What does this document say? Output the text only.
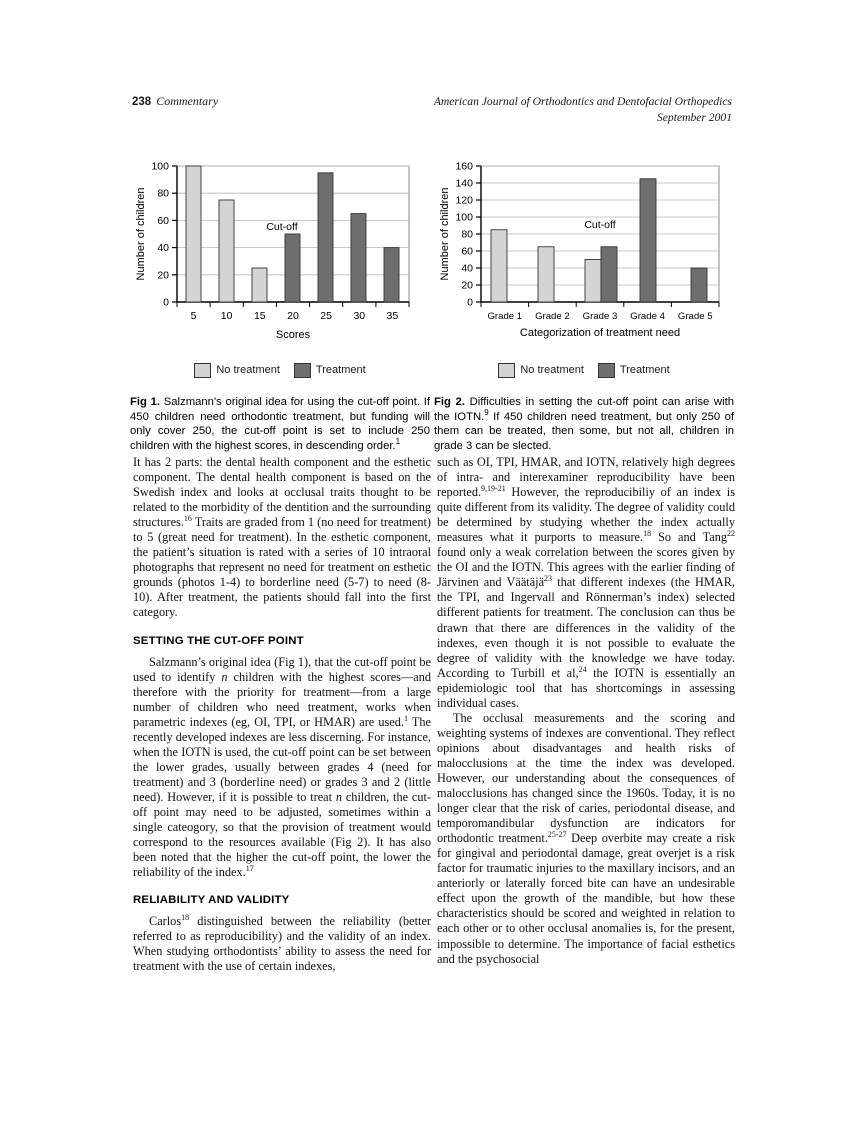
238 Commentary	American Journal of Orthodontics and Dentofacial Orthopedics
September 2001
0
20
40
60
80
100
Number of children	Cut-off
5 10 15 20 25 30 35
Scores
No treatment	Treatment
Fig 1. Salzmann's original idea for using the cut-off point. If 450 children need orthodontic treatment, but funding will only cover 250, the cut-off point is set to include 250 children with the highest scores, in descending order.$^1$
0
20
40
60
80
100
120
140
160
Number of children	Cut-off
Grade 1 Grade 2 Grade 3 Grade 4 Grade 5
Categorization of treatment need
No treatment	Treatment
Fig 2. Difficulties in setting the cut-off point can arise with the IOTN.$^9$ If 450 children need treatment, but only 250 of them can be treated, then some, but not all, children in grade 3 can be slected.

It has 2 parts: the dental health component and the esthetic component. The dental health component is based on the Swedish index and looks at occlusal traits thought to be related to the morbidity of the dentition and the surrounding structures.$^{16}$ Traits are graded from 1 (no need for treatment) to 5 (great need for treatment). In the esthetic component, the patient’s situation is rated with a series of 10 intraoral photographs that represent no need for treatment on esthetic grounds (photos 1-4) to borderline need (5-7) to need (8-10). After treatment, the patients should fall into the first category.

SETTING THE CUT-OFF POINT

Salzmann’s original idea (Fig 1), that the cut-off point be used to identify n children with the highest scores—and therefore with the priority for treatment—from a large number of children who need treatment, works when parametric indexes (eg, OI, TPI, or HMAR) are used.$^1$ The recently developed indexes are less discerning. For instance, when the IOTN is used, the cut-off point can be set between the lower grades, usually between grades 4 (need for treatment) and 3 (borderline need) or grades 3 and 2 (little need). However, if it is possible to treat n children, the cut-off point may need to be adjusted, sometimes within a single cateogory, so that the provision of treatment would correspond to the resources available (Fig 2). It has also been noted that the higher the cut-off point, the lower the reliability of the index.$^{17}$

RELIABILITY AND VALIDITY

Carlos$^{18}$ distinguished between the reliability (better referred to as reproducibility) and the validity of an index. When studying orthodontists’ ability to assess the need for treatment with the use of certain indexes,

such as OI, TPI, HMAR, and IOTN, relatively high degrees of intra- and interexaminer reproducibility have been reported.$^{9,19-21}$ However, the reproducibiliy of an index is quite different from its validity. The degree of validity could be determined by studying whether the index actually measures what it purports to measure.$^{18}$ So and Tang$^{22}$ found only a weak correlation between the scores given by the OI and the IOTN. This agrees with the earlier finding of Järvinen and Väätäjä$^{23}$ that different indexes (the HMAR, the TPI, and Ingervall and Rönnerman’s index) selected different patients for treatment. The conclusion can thus be drawn that there are differences in the validity of the indexes, even though it is not possible to evaluate the degree of validity with the knowledge we have today. According to Turbill et al,$^{24}$ the IOTN is essentially an epidemiologic tool that has shortcomings in assessing individual cases.

The occlusal measurements and the scoring and weighting systems of indexes are conventional. They reflect opinions about disadvantages and health risks of malocclusions at the time the index was developed. However, our understanding about the consequences of malocclusions has changed since the 1960s. Today, it is no longer clear that the risk of caries, periodontal disease, and temporomandibular dysfunction are indicators for orthodontic treatment.$^{25-27}$ Deep overbite may create a risk for gingival and periodontal damage, great overjet is a risk factor for traumatic injuries to the maxillary incisors, and an anteriorly or laterally forced bite can have an undesirable effect upon the growth of the mandible, but how these characteristics should be scored and weighted in relation to each other or to other occlusal anomalies is, for the present, impossible to determine. The importance of facial esthetics and the psychosocial
